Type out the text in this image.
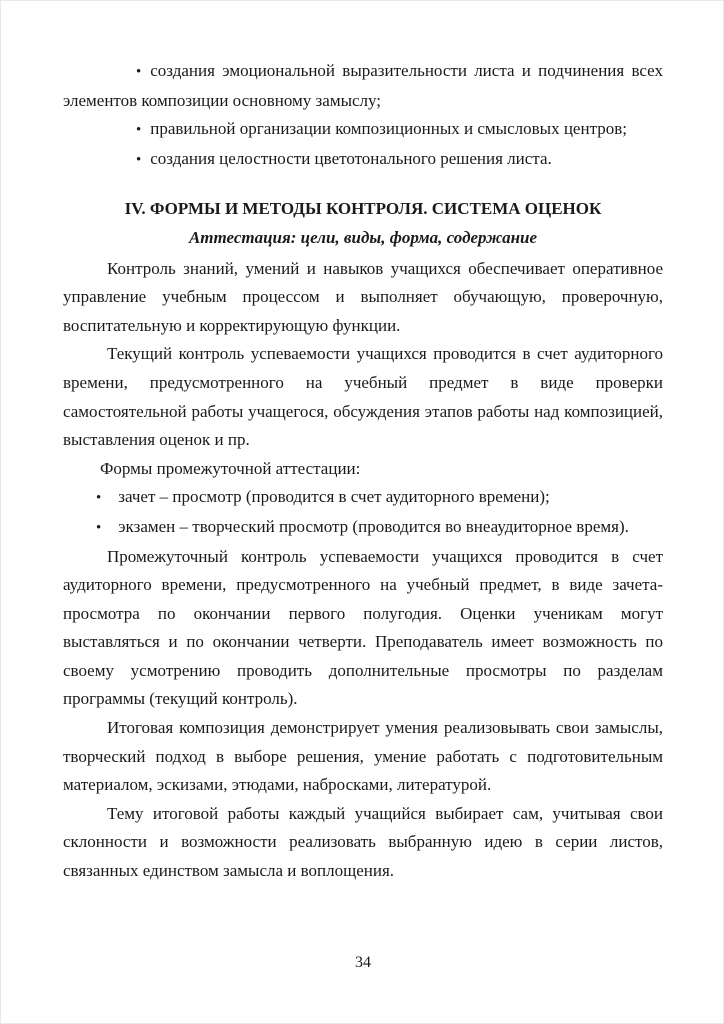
• создания эмоциональной выразительности листа и подчинения всех элементов композиции основному замыслу;
• правильной организации композиционных и смысловых центров;
• создания целостности цветотонального решения листа.
IV. ФОРМЫ И МЕТОДЫ КОНТРОЛЯ. СИСТЕМА ОЦЕНОК
Аттестация: цели, виды, форма, содержание

Контроль знаний, умений и навыков учащихся обеспечивает оперативное управление учебным процессом и выполняет обучающую, проверочную, воспитательную и корректирующую функции.

Текущий контроль успеваемости учащихся проводится в счет аудиторного времени, предусмотренного на учебный предмет в виде проверки самостоятельной работы учащегося, обсуждения этапов работы над композицией, выставления оценок и пр.

Формы промежуточной аттестации:

• зачет – просмотр (проводится в счет аудиторного времени);
• экзамен – творческий просмотр (проводится во внеаудиторное время).

Промежуточный контроль успеваемости учащихся проводится в счет аудиторного времени, предусмотренного на учебный предмет, в виде зачета-просмотра по окончании первого полугодия. Оценки ученикам могут выставляться и по окончании четверти. Преподаватель имеет возможность по своему усмотрению проводить дополнительные просмотры по разделам программы (текущий контроль).

Итоговая композиция демонстрирует умения реализовывать свои замыслы, творческий подход в выборе решения, умение работать с подготовительным материалом, эскизами, этюдами, набросками, литературой.

Тему итоговой работы каждый учащийся выбирает сам, учитывая свои склонности и возможности реализовать выбранную идею в серии листов, связанных единством замысла и воплощения.

34
